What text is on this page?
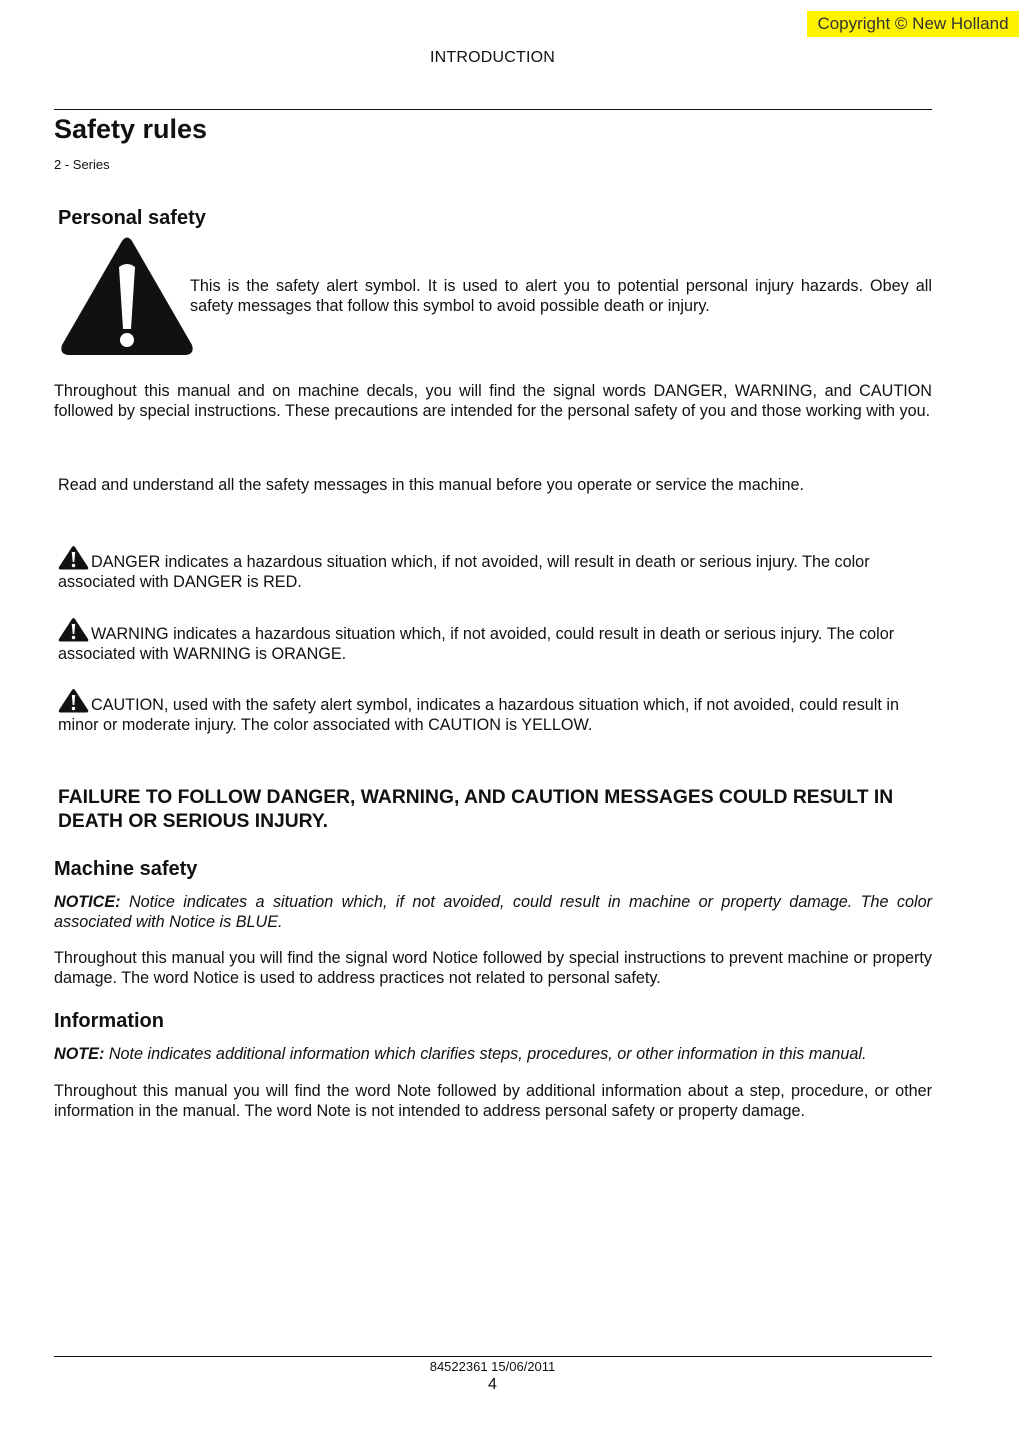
Copyright © New Holland
INTRODUCTION
Safety rules
2 - Series
Personal safety

This is the safety alert symbol. It is used to alert you to potential personal injury hazards. Obey all safety messages that follow this symbol to avoid possible death or injury.

Throughout this manual and on machine decals, you will find the signal words DANGER, WARNING, and CAUTION followed by special instructions. These precautions are intended for the personal safety of you and those working with you.

Read and understand all the safety messages in this manual before you operate or service the machine.

DANGER indicates a hazardous situation which, if not avoided, will result in death or serious injury. The color associated with DANGER is RED.

WARNING indicates a hazardous situation which, if not avoided, could result in death or serious injury. The color associated with WARNING is ORANGE.

CAUTION, used with the safety alert symbol, indicates a hazardous situation which, if not avoided, could result in minor or moderate injury. The color associated with CAUTION is YELLOW.

FAILURE TO FOLLOW DANGER, WARNING, AND CAUTION MESSAGES COULD RESULT IN DEATH OR SERIOUS INJURY.

Machine safety

NOTICE: Notice indicates a situation which, if not avoided, could result in machine or property damage. The color associated with Notice is BLUE.

Throughout this manual you will find the signal word Notice followed by special instructions to prevent machine or property damage. The word Notice is used to address practices not related to personal safety.

Information

NOTE: Note indicates additional information which clarifies steps, procedures, or other information in this manual.

Throughout this manual you will find the word Note followed by additional information about a step, procedure, or other information in the manual. The word Note is not intended to address personal safety or property damage.

84522361 15/06/2011
4
